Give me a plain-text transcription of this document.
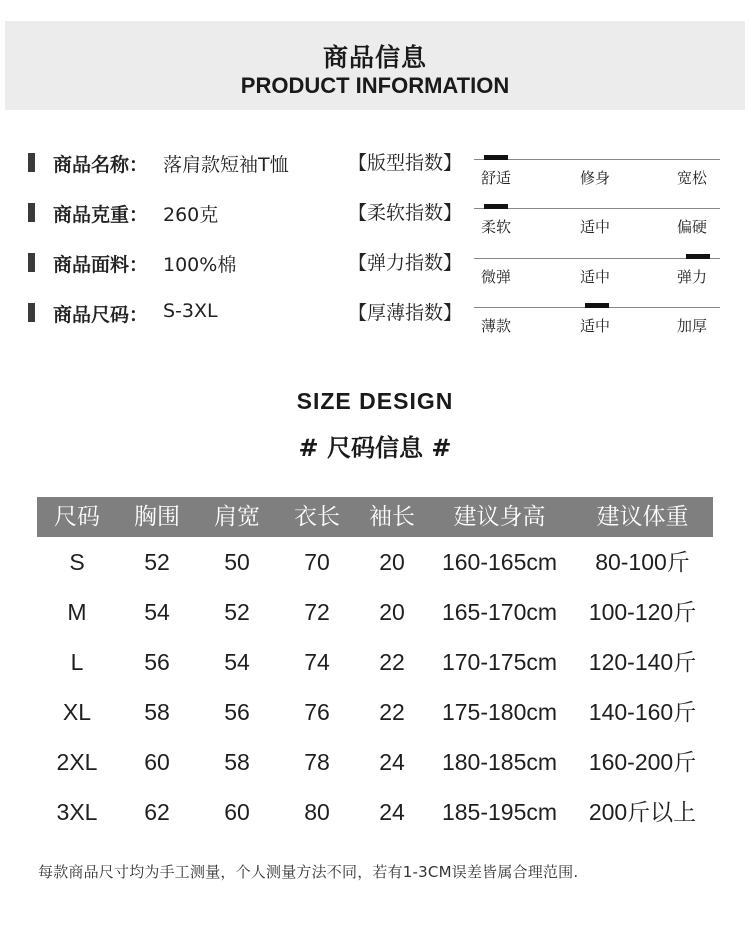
商品信息
PRODUCT INFORMATION
商品名称： 落肩款短袖T恤	【版型指数】
商品克重： 260克	【柔软指数】
商品面料： 100%棉	【弹力指数】
商品尺码： S-3XL	【厚薄指数】
舒适	修身	宽松
柔软	适中	偏硬
微弹	适中	弹力
薄款	适中	加厚
SIZE DESIGN
# 尺码信息 #
尺码	胸围	肩宽	衣长	袖长	建议身高	建议体重
S	52	50	70	20	160-165cm	80-100斤
M	54	52	72	20	165-170cm	100-120斤
L	56	54	74	22	170-175cm	120-140斤
XL	58	56	76	22	175-180cm	140-160斤
2XL	60	58	78	24	180-185cm	160-200斤
3XL	62	60	80	24	185-195cm	200斤以上
每款商品尺寸均为手工测量，个人测量方法不同，若有1-3CM误差皆属合理范围.
